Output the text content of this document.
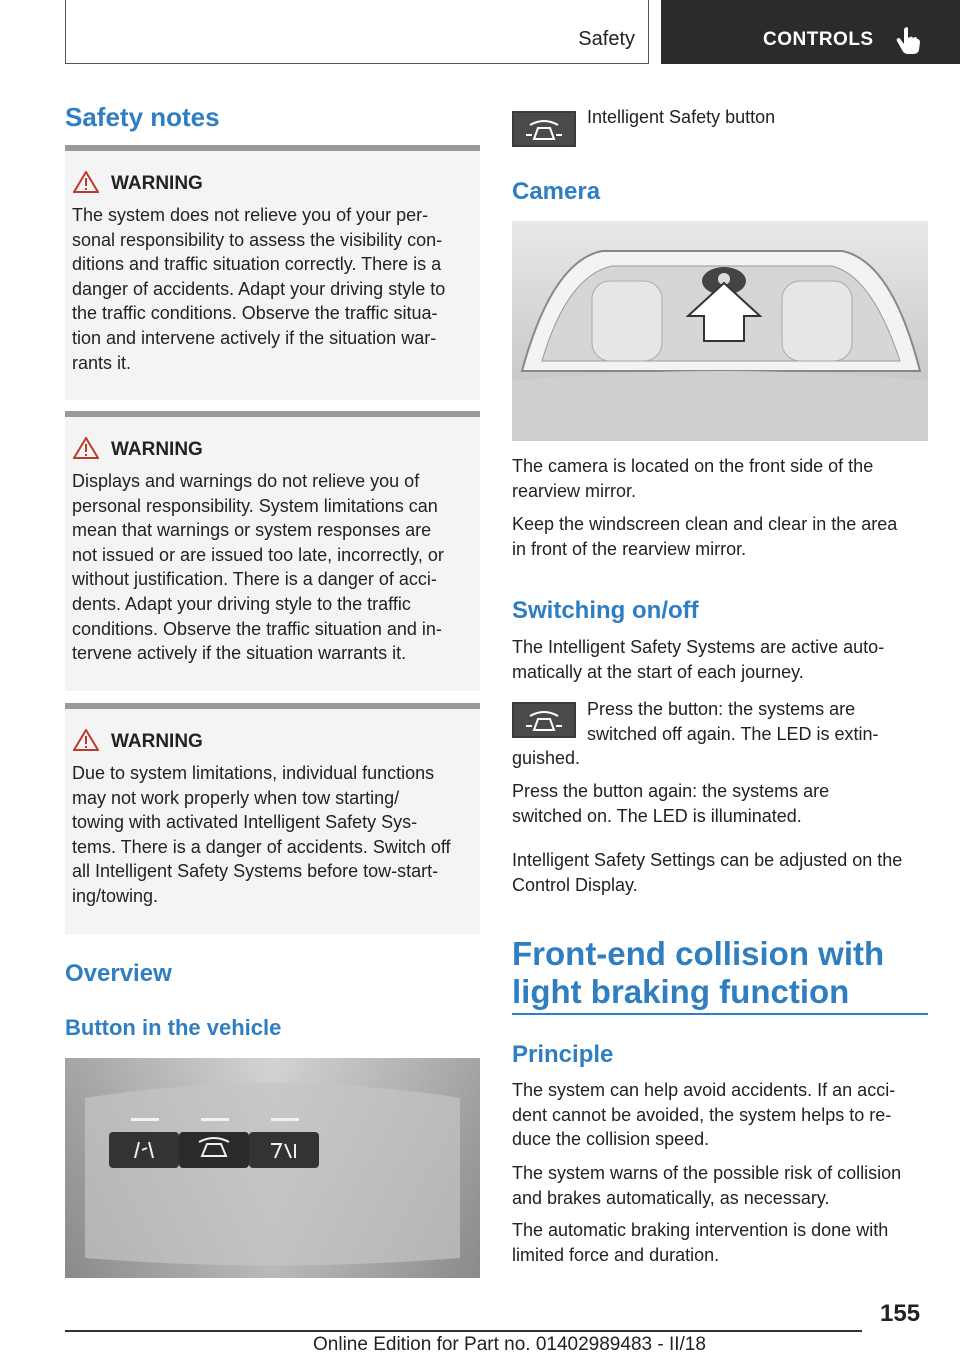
Safety	CONTROLS
Safety notes
WARNING
The system does not relieve you of your per-
sonal responsibility to assess the visibility con-
ditions and traffic situation correctly. There is a
danger of accidents. Adapt your driving style to
the traffic conditions. Observe the traffic situa-
tion and intervene actively if the situation war-
rants it.
WARNING
Displays and warnings do not relieve you of
personal responsibility. System limitations can
mean that warnings or system responses are
not issued or are issued too late, incorrectly, or
without justification. There is a danger of acci-
dents. Adapt your driving style to the traffic
conditions. Observe the traffic situation and in-
tervene actively if the situation warrants it.
WARNING
Due to system limitations, individual functions
may not work properly when tow starting/
towing with activated Intelligent Safety Sys-
tems. There is a danger of accidents. Switch off
all Intelligent Safety Systems before tow-start-
ing/towing.
Overview
Button in the vehicle
Intelligent Safety button
Camera
The camera is located on the front side of the
rearview mirror.
Keep the windscreen clean and clear in the area
in front of the rearview mirror.
Switching on/off
The Intelligent Safety Systems are active auto-
matically at the start of each journey.
Press the button: the systems are
switched off again. The LED is extin-
guished.
Press the button again: the systems are
switched on. The LED is illuminated.
Intelligent Safety Settings can be adjusted on the
Control Display.
Front-end collision with
light braking function
Principle
The system can help avoid accidents. If an acci-
dent cannot be avoided, the system helps to re-
duce the collision speed.
The system warns of the possible risk of collision
and brakes automatically, as necessary.
The automatic braking intervention is done with
limited force and duration.
155
Online Edition for Part no. 01402989483 - II/18
